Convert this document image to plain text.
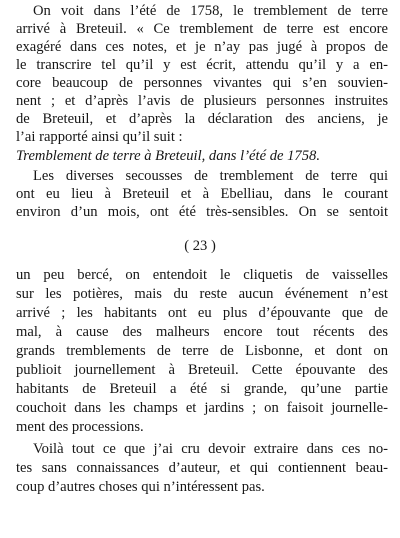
On voit dans l’été de 1758, le tremblement de terre
arrivé à Breteuil. « Ce tremblement de terre est encore
exagéré dans ces notes, et je n’ay pas jugé à propos de
le transcrire tel qu’il y est écrit, attendu qu’il y a en-
core beaucoup de personnes vivantes qui s’en souvien-
nent ; et d’après l’avis de plusieurs personnes instruites
de Breteuil, et d’après la déclaration des anciens, je
l’ai rapporté ainsi qu’il suit :
Tremblement de terre à Breteuil, dans l’été de 1758.
Les diverses secousses de tremblement de terre qui
ont eu lieu à Breteuil et à Ebelliau, dans le courant
environ d’un mois, ont été très-sensibles. On se sentoit
( 23 )
un peu bercé, on entendoit le cliquetis de vaisselles
sur les potières, mais du reste aucun événement n’est
arrivé ; les habitants ont eu plus d’épouvante que de
mal, à cause des malheurs encore tout récents des
grands tremblements de terre de Lisbonne, et dont on
publioit journellement à Breteuil. Cette épouvante des
habitants de Breteuil a été si grande, qu’une partie
couchoit dans les champs et jardins ; on faisoit journelle-
ment des processions.
Voilà tout ce que j’ai cru devoir extraire dans ces no-
tes sans connaissances d’auteur, et qui contiennent beau-
coup d’autres choses qui n’intéressent pas.
